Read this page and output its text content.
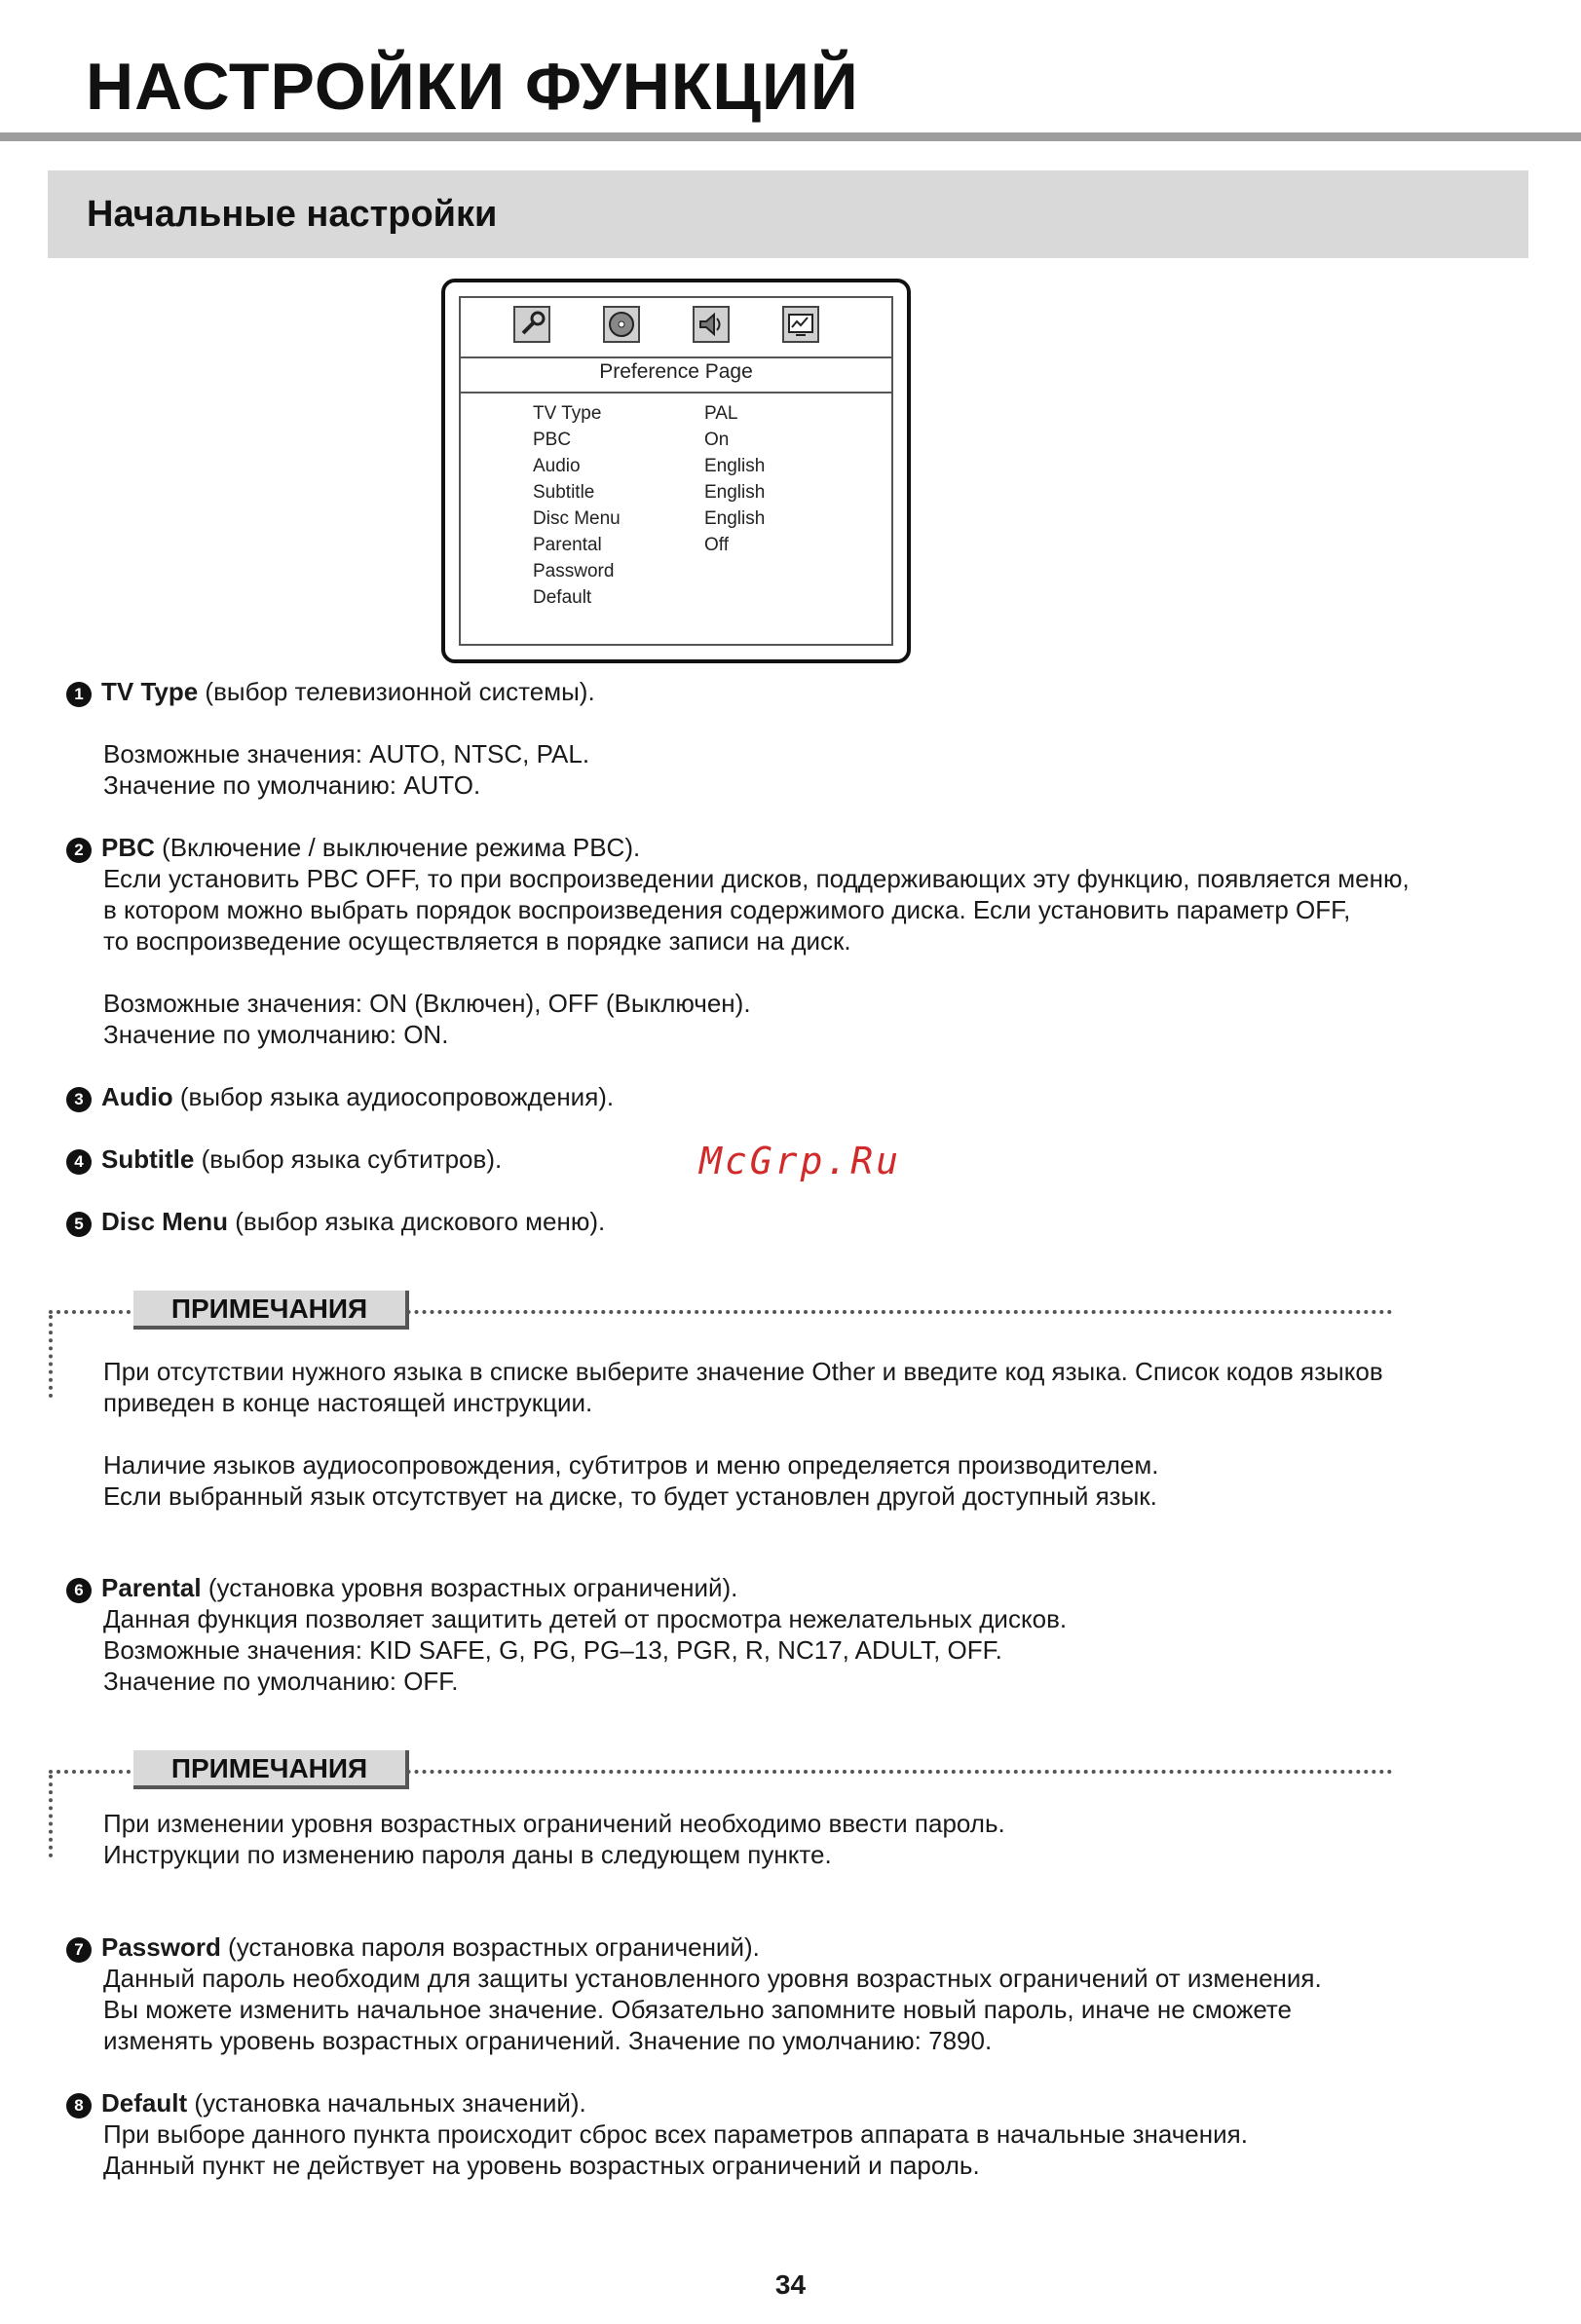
НАСТРОЙКИ ФУНКЦИЙ
Начальные настройки
Preference Page
TV Type	PAL
PBC	On
Audio	English
Subtitle	English
Disc Menu	English
Parental	Off
Password
Default
1 TV Type (выбор телевизионной системы).
Возможные значения: AUTO, NTSC, PAL.
Значение по умолчанию: AUTO.
2 PBC (Включение / выключение режима PBC).
Если установить PBC OFF, то при воспроизведении дисков, поддерживающих эту функцию, появляется меню,
в котором можно выбрать порядок воспроизведения содержимого диска. Если установить параметр OFF,
то воспроизведение осуществляется в порядке записи на диск.
Возможные значения: ON (Включен), OFF (Выключен).
Значение по умолчанию: ON.
3 Audio (выбор языка аудиосопровождения).
4 Subtitle (выбор языка субтитров).
5 Disc Menu (выбор языка дискового меню).
McGrp.Ru
ПРИМЕЧАНИЯ
При отсутствии нужного языка в списке выберите значение Other и введите код языка. Список кодов языков
приведен в конце настоящей инструкции.
Наличие языков аудиосопровождения, субтитров и меню определяется производителем.
Если выбранный язык отсутствует на диске, то будет установлен другой доступный язык.
6 Parental (установка уровня возрастных ограничений).
Данная функция позволяет защитить детей от просмотра нежелательных дисков.
Возможные значения: KID SAFE, G, PG, PG–13, PGR, R, NC17, ADULT, OFF.
Значение по умолчанию: OFF.
ПРИМЕЧАНИЯ
При изменении уровня возрастных ограничений необходимо ввести пароль.
Инструкции по изменению пароля даны в следующем пункте.
7 Password (установка пароля возрастных ограничений).
Данный пароль необходим для защиты установленного уровня возрастных ограничений от изменения.
Вы можете изменить начальное значение. Обязательно запомните новый пароль, иначе не сможете
изменять уровень возрастных ограничений. Значение по умолчанию: 7890.
8 Default (установка начальных значений).
При выборе данного пункта происходит сброс всех параметров аппарата в начальные значения.
Данный пункт не действует на уровень возрастных ограничений и пароль.
34
